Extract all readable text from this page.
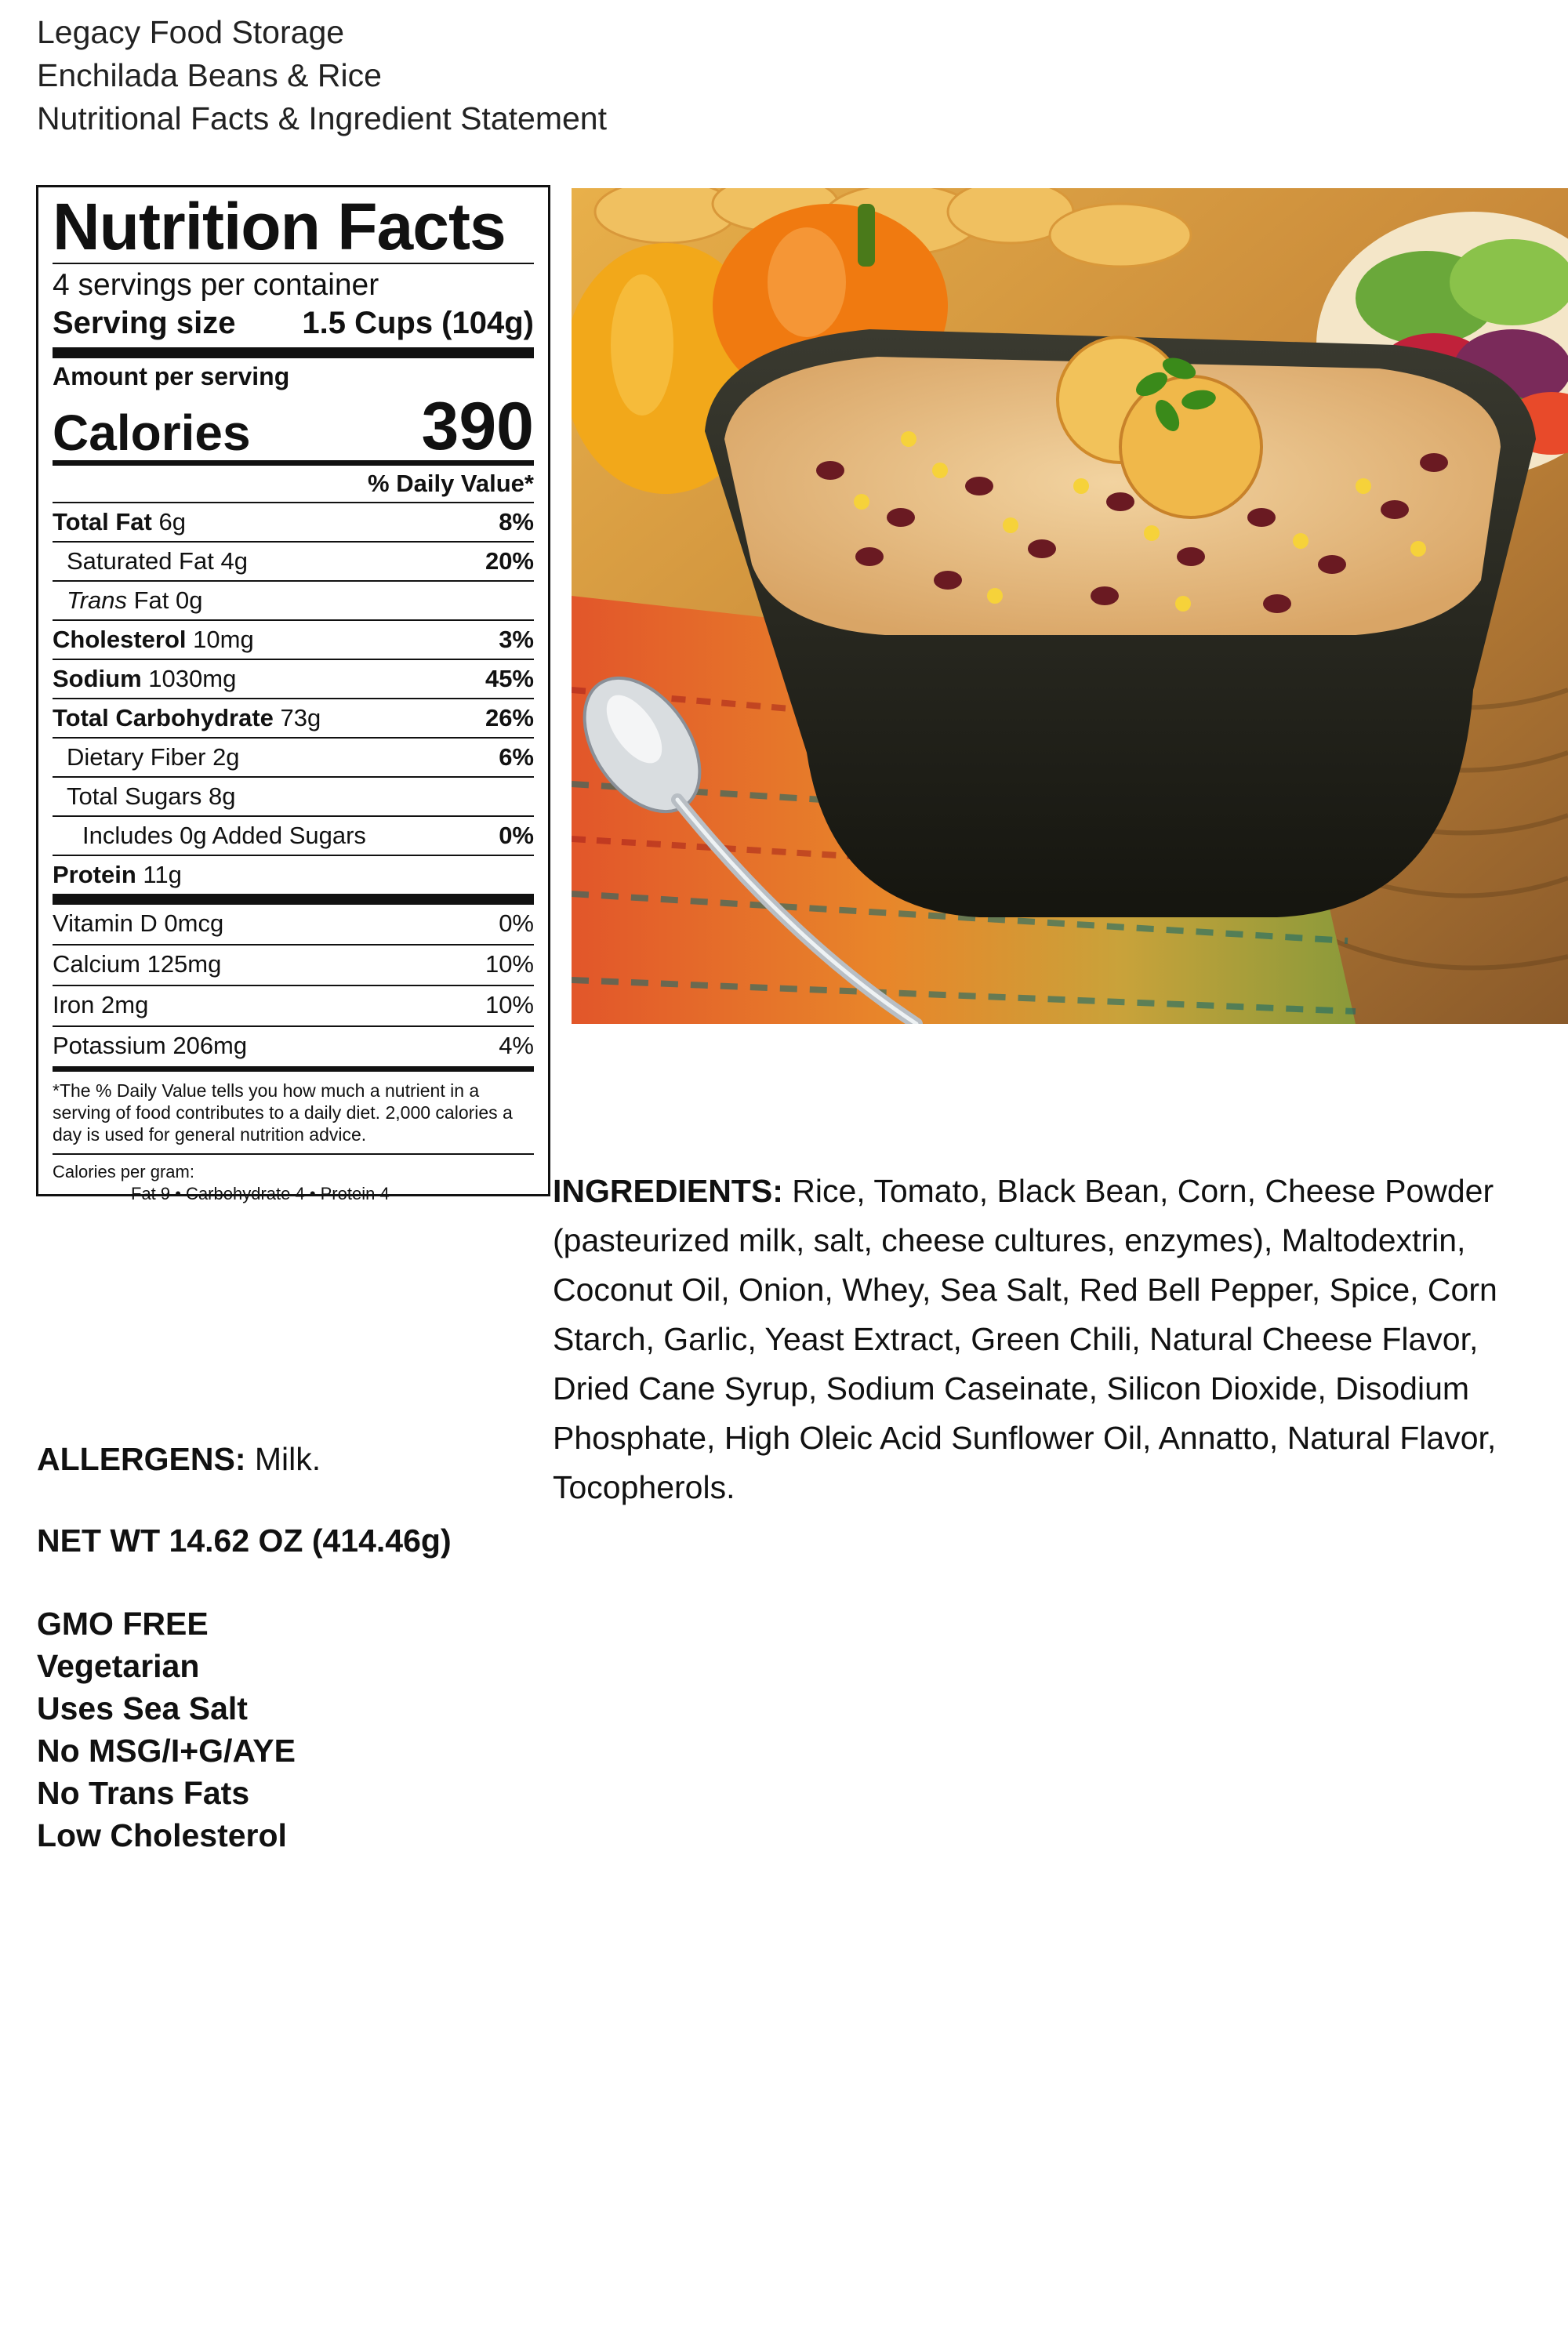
Legacy Food Storage
Enchilada Beans & Rice
Nutritional Facts & Ingredient Statement
Nutrition Facts
4 servings per container
Serving size 1.5 Cups (104g)
Amount per serving
Calories	390
% Daily Value*
Total Fat 6g	8%
Saturated Fat 4g	20%
Trans Fat 0g
Cholesterol 10mg	3%
Sodium 1030mg	45%
Total Carbohydrate 73g	26%
Dietary Fiber 2g	6%
Total Sugars 8g
Includes 0g Added Sugars	0%
Protein 11g
Vitamin D 0mcg	0%
Calcium 125mg	10%
Iron 2mg	10%
Potassium 206mg	4%
*The % Daily Value tells you how much a nutrient in a serving of food contributes to a daily diet. 2,000 calories a day is used for general nutrition advice.
Calories per gram:
Fat 9 • Carbohydrate 4 • Protein 4	INGREDIENTS: Rice, Tomato, Black Bean, Corn, Cheese Powder (pasteurized milk, salt, cheese cultures, enzymes), Maltodextrin, Coconut Oil, Onion, Whey, Sea Salt, Red Bell Pepper, Spice, Corn Starch, Garlic, Yeast Extract, Green Chili, Natural Cheese Flavor, Dried Cane Syrup, Sodium Caseinate, Silicon Dioxide, Disodium Phosphate, High Oleic Acid Sunflower Oil, Annatto, Natural Flavor, Tocopherols.
ALLERGENS: Milk.
NET WT 14.62 OZ (414.46g)
GMO FREE
Vegetarian
Uses Sea Salt
No MSG/I+G/AYE
No Trans Fats
Low Cholesterol
